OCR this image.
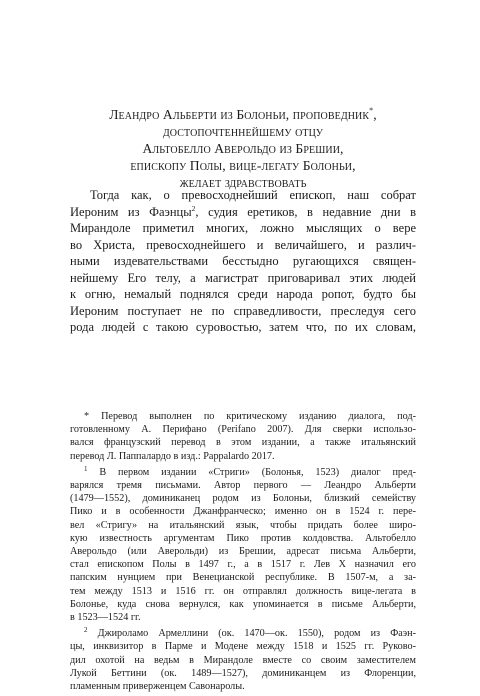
Леандро Альберти из Болоньи, проповедник*,
достопочтеннейшему отцу
Альтобелло Аверольдо из Брешии,
епископу Полы, вице-легату Болоньи,
желает здравствовать
Тогда как, о превосходнейший епископ, наш собрат
Иероним из Фаэнцы$^2$, судия еретиков, в недавние дни в
Мирандоле приметил многих, ложно мыслящих о вере
во Христа, превосходнейшего и величайшего, и различ-
ными издевательствами бесстыдно ругающихся священ-
нейшему Его телу, а магистрат приговаривал этих людей
к огню, немалый поднялся среди народа ропот, будто бы
Иероним поступает не по справедливости, преследуя сего
рода людей с такою суровостью, затем что, по их словам,
* Перевод выполнен по критическому изданию диалога, под-
готовленному А. Перифано (Perifano 2007). Для сверки использо-
вался французский перевод в этом издании, а также итальянский
перевод Л. Паппалардо в изд.: Pappalardo 2017.
$^1$ В первом издании «Стриги» (Болонья, 1523) диалог пред-
варялся тремя письмами. Автор первого — Леандро Альберти
(1479—1552), доминиканец родом из Болоньи, близкий семейству
Пико и в особенности Джанфранческо; именно он в 1524 г. пере-
вел «Стригу» на итальянский язык, чтобы придать более широ-
кую известность аргументам Пико против колдовства. Альтобелло
Аверольдо (или Аверольди) из Брешии, адресат письма Альберти,
стал епископом Полы в 1497 г., а в 1517 г. Лев X назначил его
папским нунцием при Венецианской республике. В 1507-м, а за-
тем между 1513 и 1516 гг. он отправлял должность вице-легата в
Болонье, куда снова вернулся, как упоминается в письме Альберти,
в 1523—1524 гг.
$^2$ Джироламо Армеллини (ок. 1470—ок. 1550), родом из Фаэн-
цы, инквизитор в Парме и Модене между 1518 и 1525 гг. Руково-
дил охотой на ведьм в Мирандоле вместе со своим заместителем
Лукой Беттини (ок. 1489—1527), доминиканцем из Флоренции,
пламенным приверженцем Савонаролы.
